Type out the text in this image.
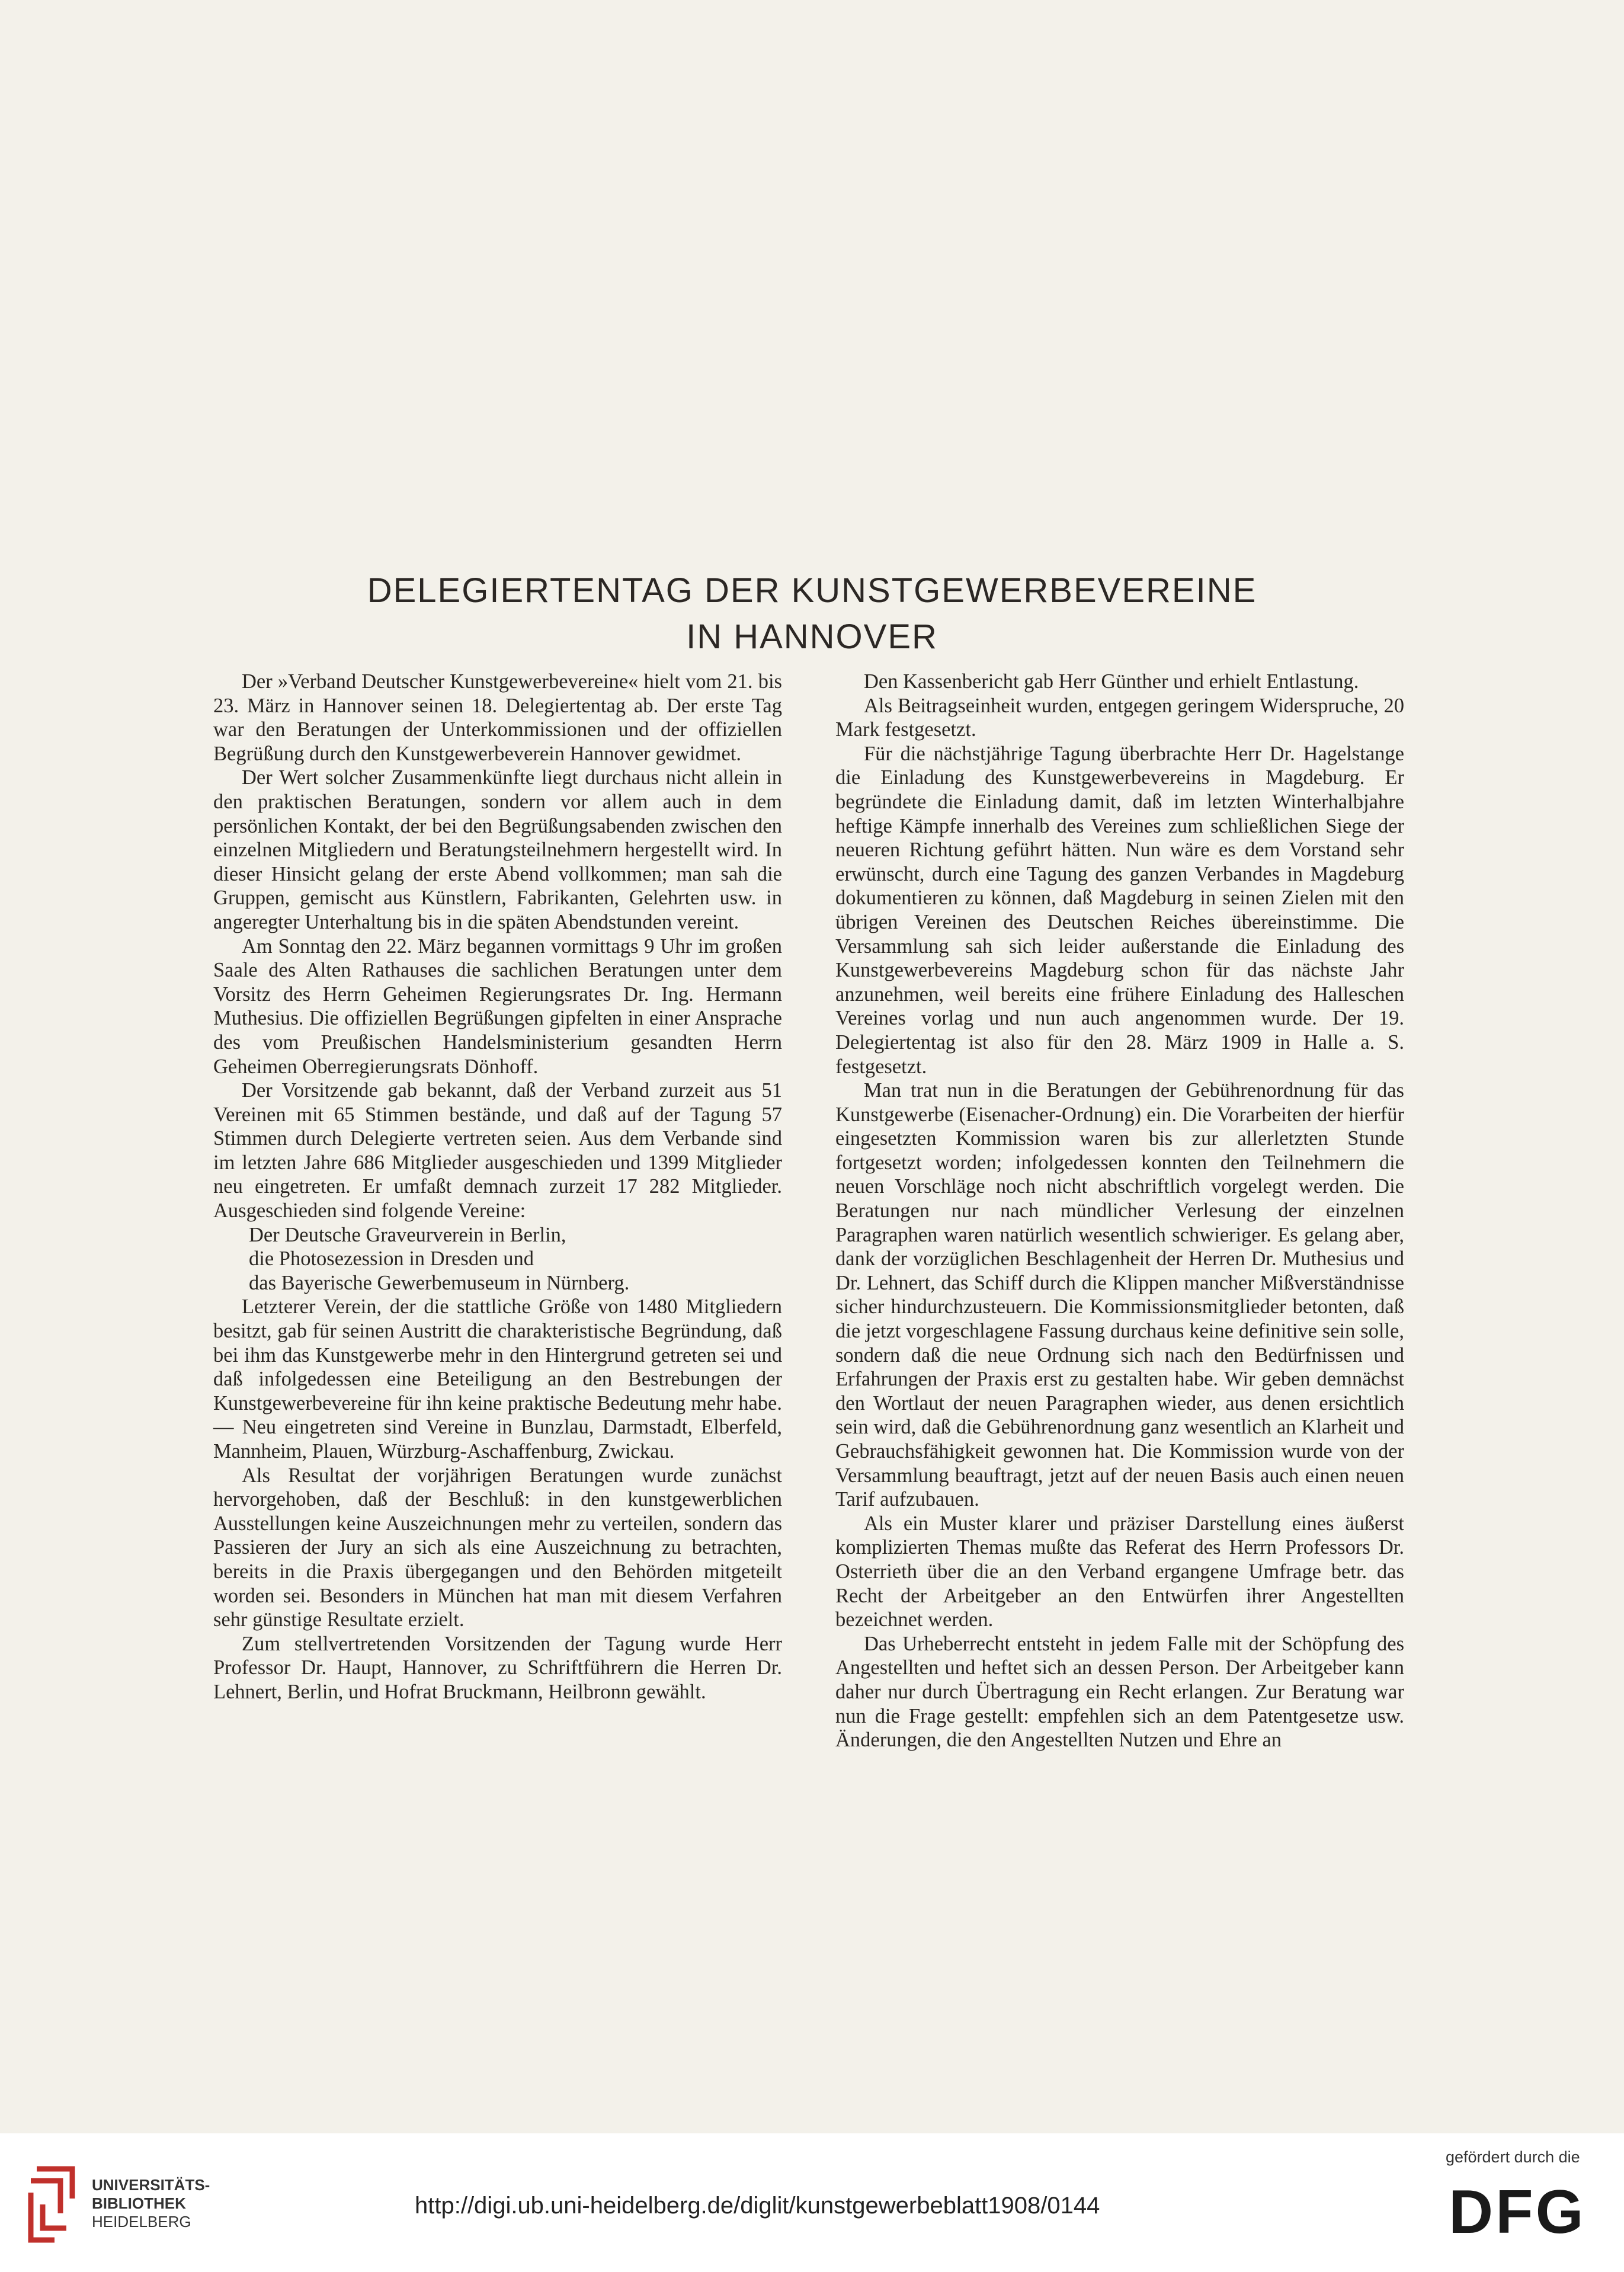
DELEGIERTENTAG DER KUNSTGEWERBEVEREINE
IN HANNOVER

Der »Verband Deutscher Kunstgewerbevereine« hielt vom 21. bis 23. März in Hannover seinen 18. Delegiertentag ab. Der erste Tag war den Beratungen der Unterkommissionen und der offiziellen Begrüßung durch den Kunstgewerbeverein Hannover gewidmet.

Der Wert solcher Zusammenkünfte liegt durchaus nicht allein in den praktischen Beratungen, sondern vor allem auch in dem persönlichen Kontakt, der bei den Begrüßungsabenden zwischen den einzelnen Mitgliedern und Beratungsteilnehmern hergestellt wird. In dieser Hinsicht gelang der erste Abend vollkommen; man sah die Gruppen, gemischt aus Künstlern, Fabrikanten, Gelehrten usw. in angeregter Unterhaltung bis in die späten Abendstunden vereint.

Am Sonntag den 22. März begannen vormittags 9 Uhr im großen Saale des Alten Rathauses die sachlichen Beratungen unter dem Vorsitz des Herrn Geheimen Regierungsrates Dr. Ing. Hermann Muthesius. Die offiziellen Begrüßungen gipfelten in einer Ansprache des vom Preußischen Handelsministerium gesandten Herrn Geheimen Oberregierungsrats Dönhoff.

Der Vorsitzende gab bekannt, daß der Verband zurzeit aus 51 Vereinen mit 65 Stimmen bestände, und daß auf der Tagung 57 Stimmen durch Delegierte vertreten seien. Aus dem Verbande sind im letzten Jahre 686 Mitglieder ausgeschieden und 1399 Mitglieder neu eingetreten. Er umfaßt demnach zurzeit 17 282 Mitglieder. Ausgeschieden sind folgende Vereine:

Der Deutsche Graveurverein in Berlin,

die Photosezession in Dresden und

das Bayerische Gewerbemuseum in Nürnberg.

Letzterer Verein, der die stattliche Größe von 1480 Mitgliedern besitzt, gab für seinen Austritt die charakteristische Begründung, daß bei ihm das Kunstgewerbe mehr in den Hintergrund getreten sei und daß infolgedessen eine Beteiligung an den Bestrebungen der Kunstgewerbevereine für ihn keine praktische Bedeutung mehr habe. — Neu eingetreten sind Vereine in Bunzlau, Darmstadt, Elberfeld, Mannheim, Plauen, Würzburg-Aschaffenburg, Zwickau.

Als Resultat der vorjährigen Beratungen wurde zunächst hervorgehoben, daß der Beschluß: in den kunstgewerblichen Ausstellungen keine Auszeichnungen mehr zu verteilen, sondern das Passieren der Jury an sich als eine Auszeichnung zu betrachten, bereits in die Praxis übergegangen und den Behörden mitgeteilt worden sei. Besonders in München hat man mit diesem Verfahren sehr günstige Resultate erzielt.

Zum stellvertretenden Vorsitzenden der Tagung wurde Herr Professor Dr. Haupt, Hannover, zu Schriftführern die Herren Dr. Lehnert, Berlin, und Hofrat Bruckmann, Heilbronn gewählt.

Den Kassenbericht gab Herr Günther und erhielt Entlastung.

Als Beitragseinheit wurden, entgegen geringem Widerspruche, 20 Mark festgesetzt.

Für die nächstjährige Tagung überbrachte Herr Dr. Hagelstange die Einladung des Kunstgewerbevereins in Magdeburg. Er begründete die Einladung damit, daß im letzten Winterhalbjahre heftige Kämpfe innerhalb des Vereines zum schließlichen Siege der neueren Richtung geführt hätten. Nun wäre es dem Vorstand sehr erwünscht, durch eine Tagung des ganzen Verbandes in Magdeburg dokumentieren zu können, daß Magdeburg in seinen Zielen mit den übrigen Vereinen des Deutschen Reiches übereinstimme. Die Versammlung sah sich leider außerstande die Einladung des Kunstgewerbevereins Magdeburg schon für das nächste Jahr anzunehmen, weil bereits eine frühere Einladung des Halleschen Vereines vorlag und nun auch angenommen wurde. Der 19. Delegiertentag ist also für den 28. März 1909 in Halle a. S. festgesetzt.

Man trat nun in die Beratungen der Gebührenordnung für das Kunstgewerbe (Eisenacher-Ordnung) ein. Die Vorarbeiten der hierfür eingesetzten Kommission waren bis zur allerletzten Stunde fortgesetzt worden; infolgedessen konnten den Teilnehmern die neuen Vorschläge noch nicht abschriftlich vorgelegt werden. Die Beratungen nur nach mündlicher Verlesung der einzelnen Paragraphen waren natürlich wesentlich schwieriger. Es gelang aber, dank der vorzüglichen Beschlagenheit der Herren Dr. Muthesius und Dr. Lehnert, das Schiff durch die Klippen mancher Mißverständnisse sicher hindurchzusteuern. Die Kommissionsmitglieder betonten, daß die jetzt vorgeschlagene Fassung durchaus keine definitive sein solle, sondern daß die neue Ordnung sich nach den Bedürfnissen und Erfahrungen der Praxis erst zu gestalten habe. Wir geben demnächst den Wortlaut der neuen Paragraphen wieder, aus denen ersichtlich sein wird, daß die Gebührenordnung ganz wesentlich an Klarheit und Gebrauchsfähigkeit gewonnen hat. Die Kommission wurde von der Versammlung beauftragt, jetzt auf der neuen Basis auch einen neuen Tarif aufzubauen.

Als ein Muster klarer und präziser Darstellung eines äußerst komplizierten Themas mußte das Referat des Herrn Professors Dr. Osterrieth über die an den Verband ergangene Umfrage betr. das Recht der Arbeitgeber an den Entwürfen ihrer Angestellten bezeichnet werden.

Das Urheberrecht entsteht in jedem Falle mit der Schöpfung des Angestellten und heftet sich an dessen Person. Der Arbeitgeber kann daher nur durch Übertragung ein Recht erlangen. Zur Beratung war nun die Frage gestellt: empfehlen sich an dem Patentgesetze usw. Änderungen, die den Angestellten Nutzen und Ehre an

UNIVERSITÄTS-
BIBLIOTHEK
HEIDELBERG
http://digi.ub.uni-heidelberg.de/diglit/kunstgewerbeblatt1908/0144
gefördert durch die
DFG
